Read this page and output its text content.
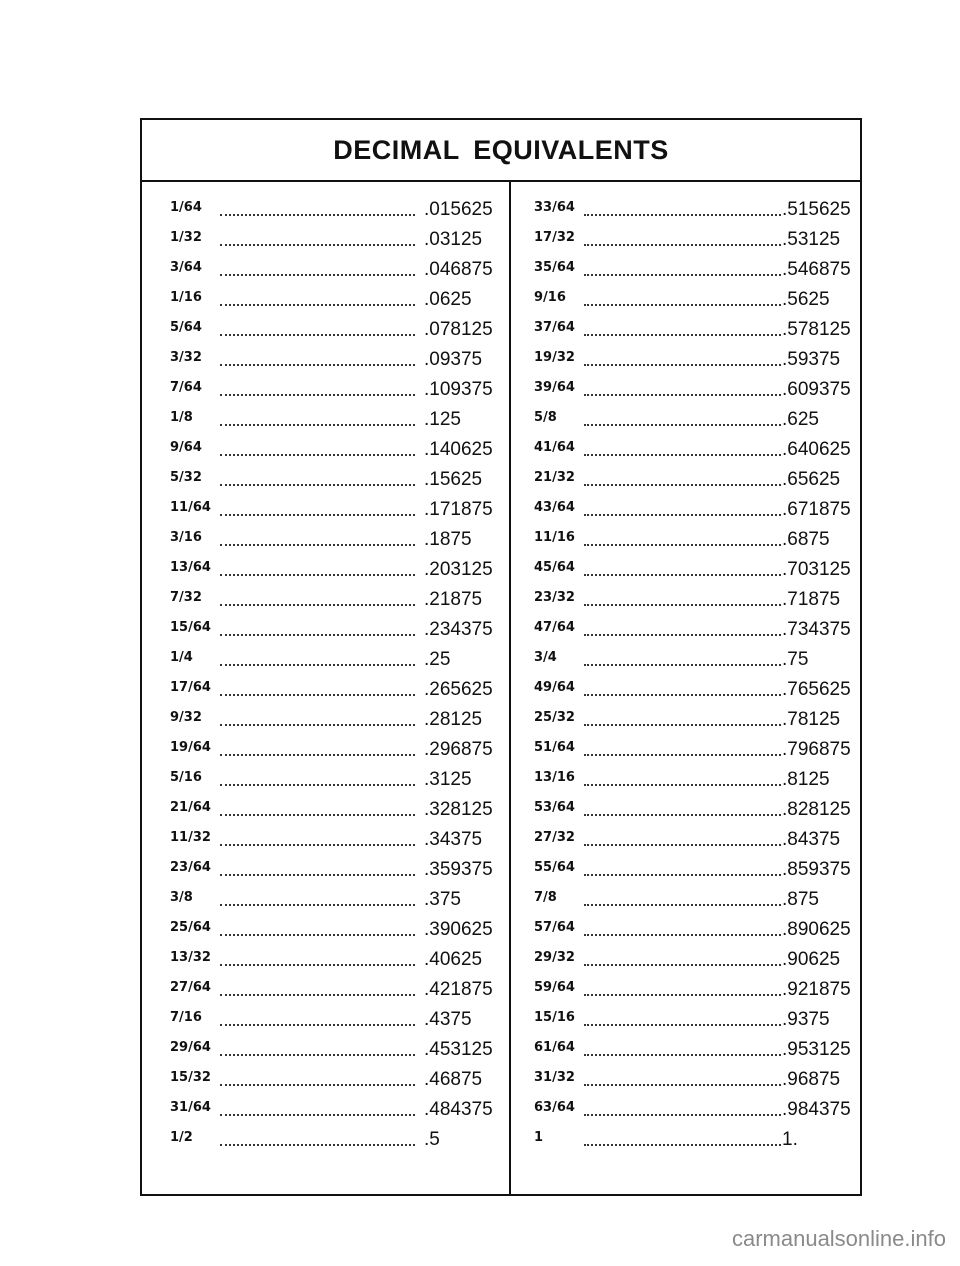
DECIMAL EQUIVALENTS
1/64	.015625
1/32	.03125
3/64	.046875
1/16	.0625
5/64	.078125
3/32	.09375
7/64	.109375
1/8	.125
9/64	.140625
5/32	.15625
11/64	.171875
3/16	.1875
13/64	.203125
7/32	.21875
15/64	.234375
1/4	.25
17/64	.265625
9/32	.28125
19/64	.296875
5/16	.3125
21/64	.328125
11/32	.34375
23/64	.359375
3/8	.375
25/64	.390625
13/32	.40625
27/64	.421875
7/16	.4375
29/64	.453125
15/32	.46875
31/64	.484375
1/2	.5
33/64	.515625
17/32	.53125
35/64	.546875
9/16	.5625
37/64	.578125
19/32	.59375
39/64	.609375
5/8	.625
41/64	.640625
21/32	.65625
43/64	.671875
11/16	.6875
45/64	.703125
23/32	.71875
47/64	.734375
3/4	.75
49/64	.765625
25/32	.78125
51/64	.796875
13/16	.8125
53/64	.828125
27/32	.84375
55/64	.859375
7/8	.875
57/64	.890625
29/32	.90625
59/64	.921875
15/16	.9375
61/64	.953125
31/32	.96875
63/64	.984375
1	1.
carmanualsonline.info
